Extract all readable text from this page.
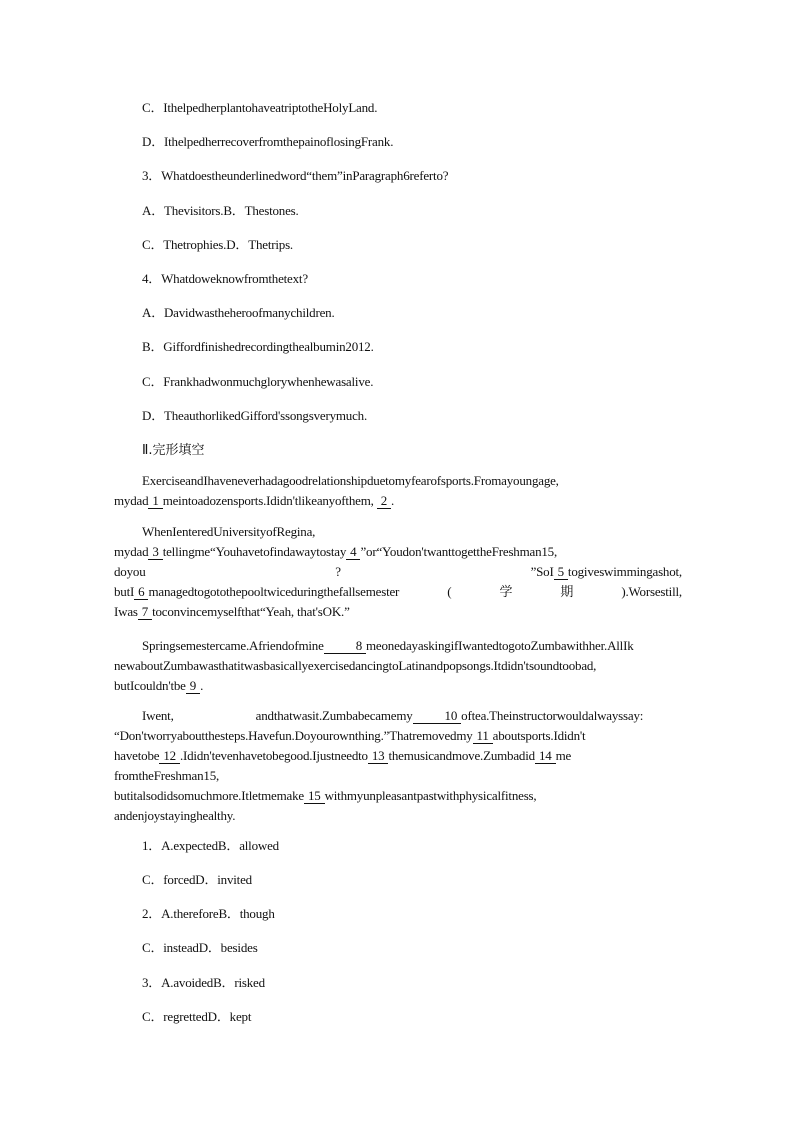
C．IthelpedherplantohaveatriptotheHolyLand.
D．IthelpedherrecoverfromthepainoflosingFrank.
3．Whatdoestheunderlinedword“them”inParagraph6referto?
A．Thevisitors.B．Thestones.
C．Thetrophies.D．Thetrips.
4．Whatdoweknowfromthetext?
A．Davidwastheheroofmanychildren.
B．Giffordfinishedrecordingthealbumin2012.
C．Frankhadwonmuchglorywhenhewasalive.
D．TheauthorlikedGifford'ssongsverymuch.
Ⅱ.完形填空
ExerciseandIhaveneverhadagoodrelationshipduetomyfearofsports.Fromayoungage,
mydad 1 meintoadozensports.Ididn'tlikeanyofthem, 2 .
WhenIenteredUniversityofRegina,
mydad 3 tellingme“Youhavetofindawaytostay 4 ”or“Youdon'twanttogettheFreshman15,
doyou	?	”SoI 5 togiveswimmingashot,
butI 6 managedtogotothepooltwiceduringthefallsemester	(	学	期	).Worsestill,
Iwas 7 toconvincemyselfthat“Yeah, that'sOK.”
Springsemestercame.Afriendofmine 8 meonedayaskingifIwantedtogotoZumbawithher.AllIk
newaboutZumbawasthatitwasbasicallyexercisedancingtoLatinandpopsongs.Itdidn'tsoundtoobad,
butIcouldn'tbe 9 .
Iwent,	andthatwasit.Zumbabecamemy 10 oftea.Theinstructorwouldalwayssay:
“Don'tworryaboutthesteps.Havefun.Doyourownthing.”Thatremovedmy 11 aboutsports.Ididn't
havetobe 12 .Ididn'tevenhavetobegood.Ijustneedto 13 themusicandmove.Zumbadid 14 me
fromtheFreshman15,
butitalsodidsomuchmore.Itletmemake 15 withmyunpleasantpastwithphysicalfitness,
andenjoystayinghealthy.
1．A.expectedB．allowed
C．forcedD．invited
2．A.thereforeB．though
C．insteadD．besides
3．A.avoidedB．risked
C．regrettedD．kept
